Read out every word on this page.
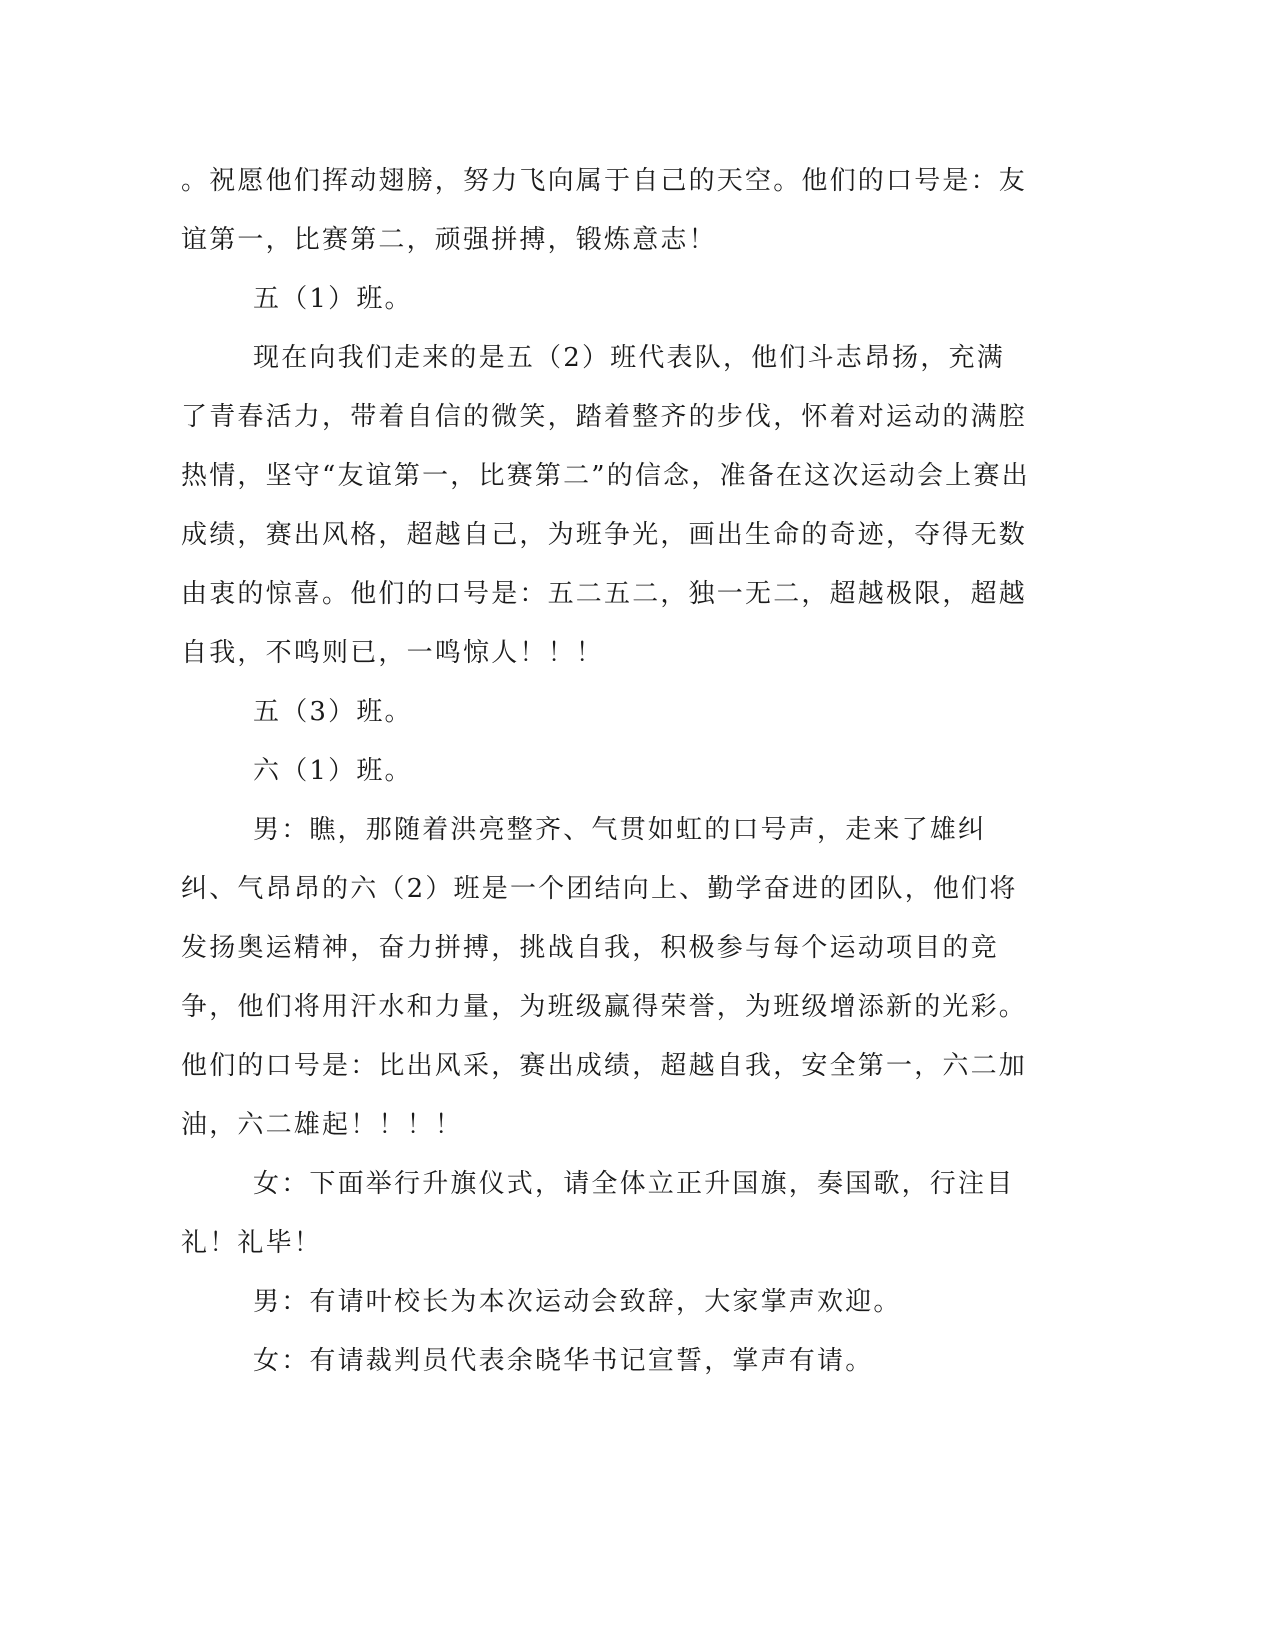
。祝愿他们挥动翅膀，努力飞向属于自己的天空。他们的口号是：友谊第一，比赛第二，顽强拼搏，锻炼意志！

五（1）班。

现在向我们走来的是五（2）班代表队，他们斗志昂扬，充满了青春活力，带着自信的微笑，踏着整齐的步伐，怀着对运动的满腔热情，坚守“友谊第一，比赛第二”的信念，准备在这次运动会上赛出成绩，赛出风格，超越自己，为班争光，画出生命的奇迹，夺得无数由衷的惊喜。他们的口号是：五二五二，独一无二，超越极限，超越自我，不鸣则已，一鸣惊人！！！

五（3）班。

六（1）班。

男：瞧，那随着洪亮整齐、气贯如虹的口号声，走来了雄纠纠、气昂昂的六（2）班是一个团结向上、勤学奋进的团队，他们将发扬奥运精神，奋力拼搏，挑战自我，积极参与每个运动项目的竞争，他们将用汗水和力量，为班级赢得荣誉，为班级增添新的光彩。他们的口号是：比出风采，赛出成绩，超越自我，安全第一，六二加油，六二雄起！！！！

女：下面举行升旗仪式，请全体立正升国旗，奏国歌，行注目礼！礼毕！

男：有请叶校长为本次运动会致辞，大家掌声欢迎。

女：有请裁判员代表余晓华书记宣誓，掌声有请。
